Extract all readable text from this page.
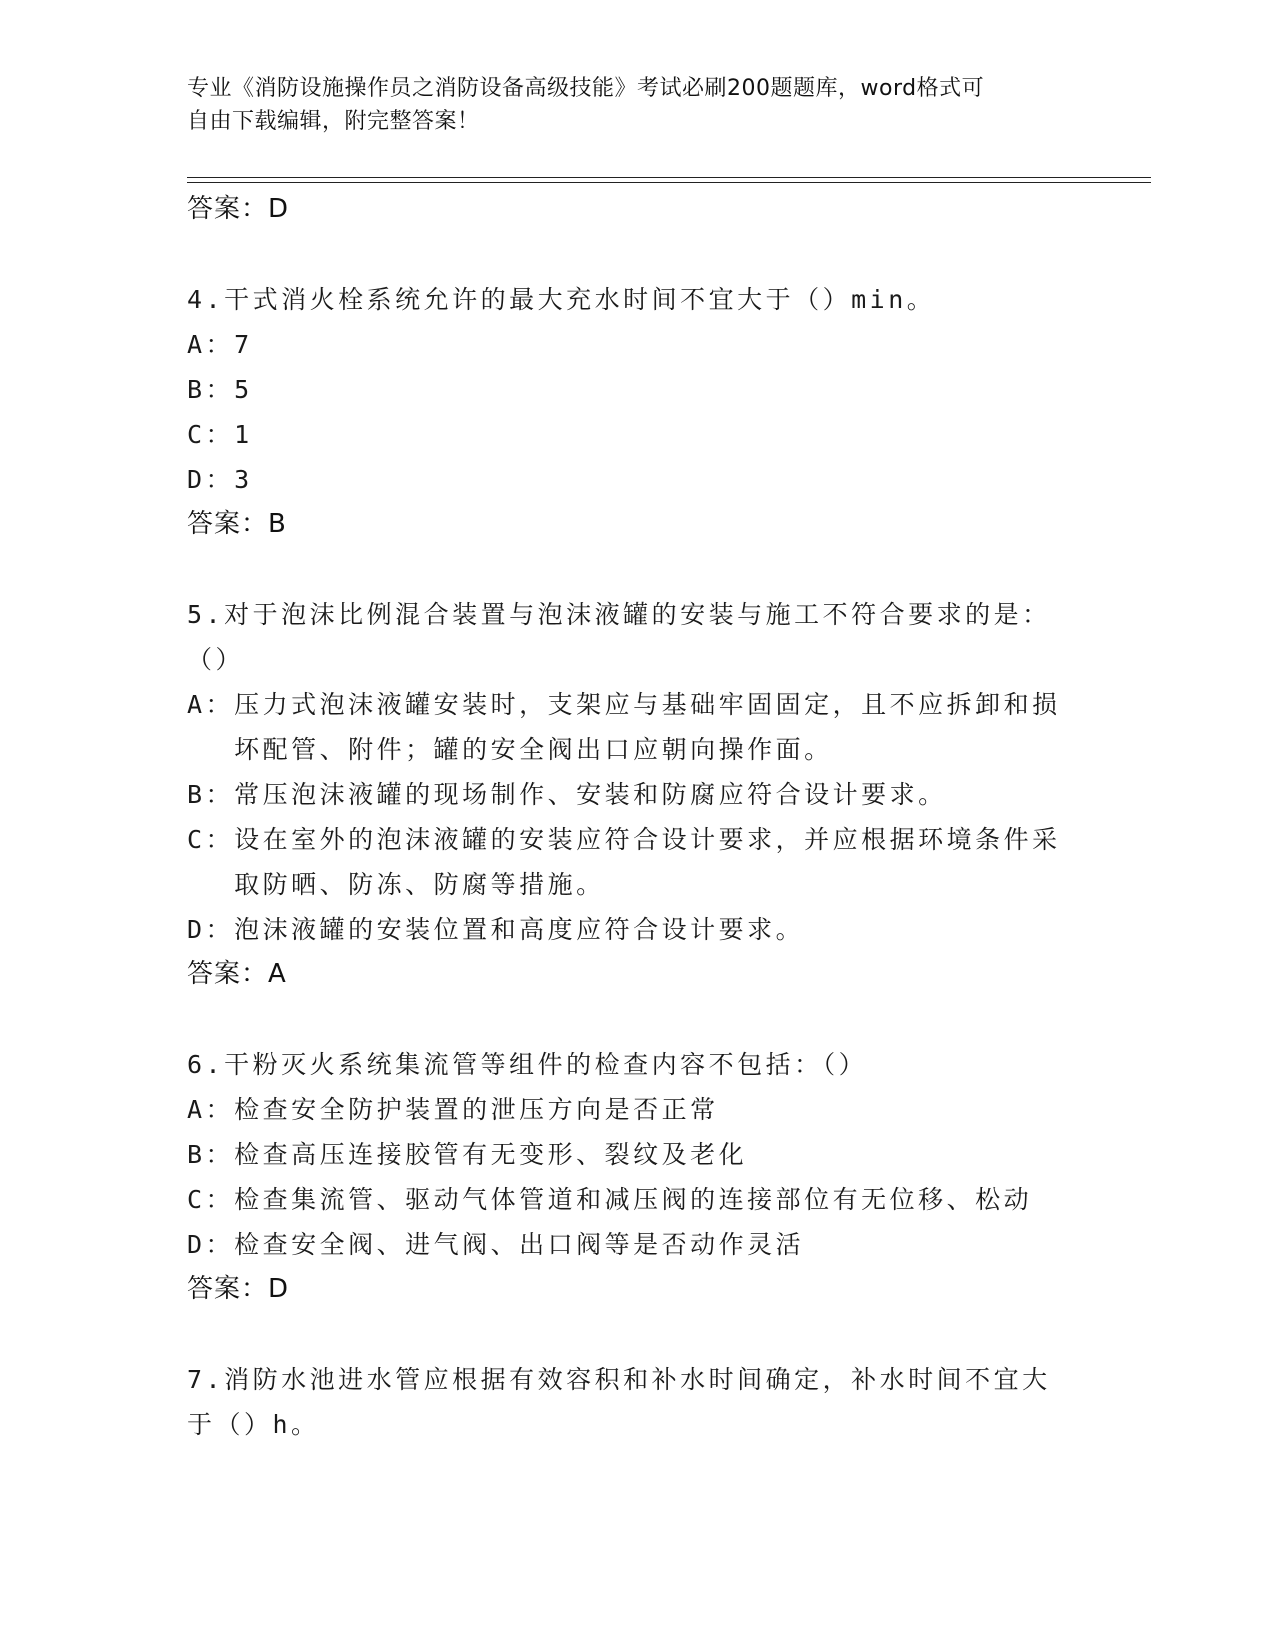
专业《消防设施操作员之消防设备高级技能》考试必刷200题题库，word格式可
自由下载编辑，附完整答案！
答案：D
4.干式消火栓系统允许的最大充水时间不宜大于（）min。
A： 7
B： 5
C： 1
D： 3
答案：B
5.对于泡沫比例混合装置与泡沫液罐的安装与施工不符合要求的是：
（）
A： 压力式泡沫液罐安装时，支架应与基础牢固固定，且不应拆卸和损坏配管、附件；罐的安全阀出口应朝向操作面。
B： 常压泡沫液罐的现场制作、安装和防腐应符合设计要求。
C： 设在室外的泡沫液罐的安装应符合设计要求，并应根据环境条件采取防晒、防冻、防腐等措施。
D： 泡沫液罐的安装位置和高度应符合设计要求。
答案：A
6.干粉灭火系统集流管等组件的检查内容不包括：（）
A： 检查安全防护装置的泄压方向是否正常
B： 检查高压连接胶管有无变形、裂纹及老化
C： 检查集流管、驱动气体管道和减压阀的连接部位有无位移、松动
D： 检查安全阀、进气阀、出口阀等是否动作灵活
答案：D
7.消防水池进水管应根据有效容积和补水时间确定，补水时间不宜大
于（）h。
